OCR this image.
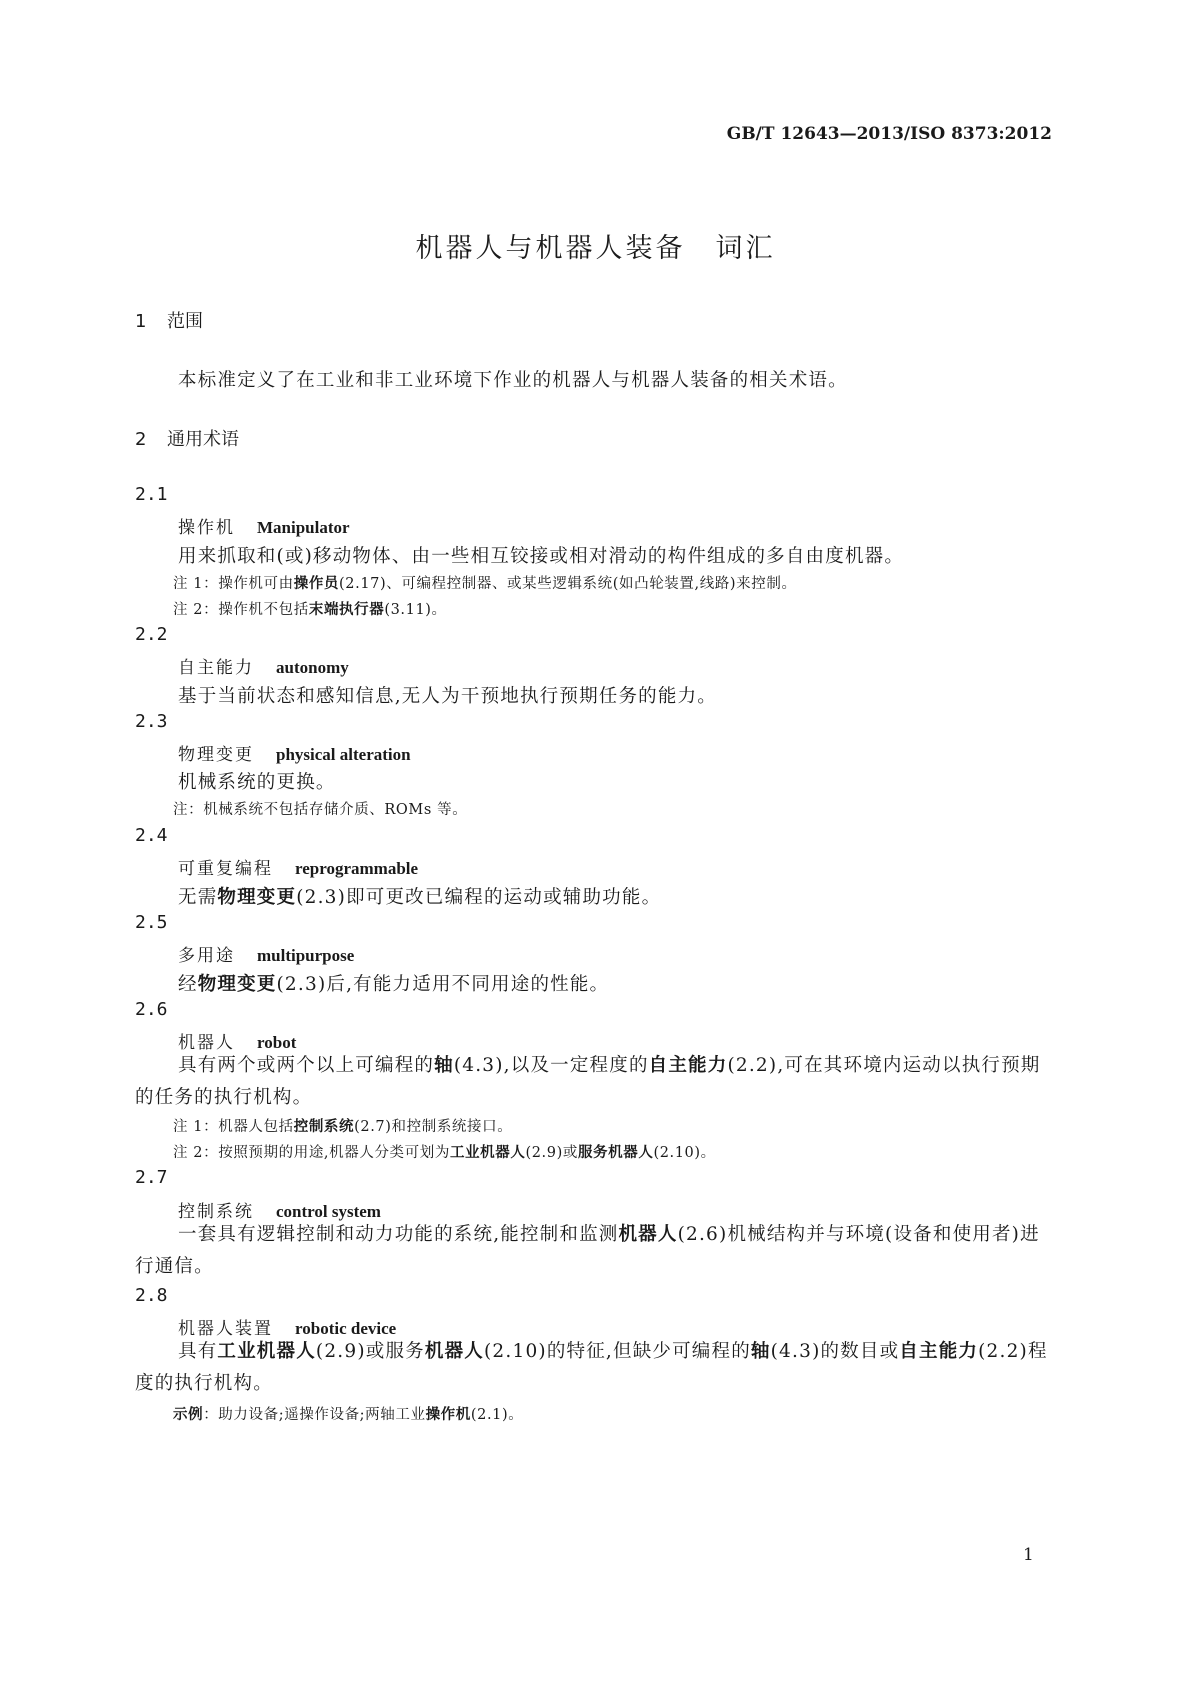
GB/T 12643—2013/ISO 8373:2012
机器人与机器人装备　词汇
1 范围
本标准定义了在工业和非工业环境下作业的机器人与机器人装备的相关术语。
2 通用术语
2.1
操作机 Manipulator
用来抓取和(或)移动物体、由一些相互铰接或相对滑动的构件组成的多自由度机器。
注 1：操作机可由操作员(2.17)、可编程控制器、或某些逻辑系统(如凸轮装置,线路)来控制。
注 2：操作机不包括末端执行器(3.11)。
2.2
自主能力 autonomy
基于当前状态和感知信息,无人为干预地执行预期任务的能力。
2.3
物理变更 physical alteration
机械系统的更换。
注：机械系统不包括存储介质、ROMs 等。
2.4
可重复编程 reprogrammable
无需物理变更(2.3)即可更改已编程的运动或辅助功能。
2.5
多用途 multipurpose
经物理变更(2.3)后,有能力适用不同用途的性能。
2.6
机器人 robot
具有两个或两个以上可编程的轴(4.3),以及一定程度的自主能力(2.2),可在其环境内运动以执行预期的任务的执行机构。
注 1：机器人包括控制系统(2.7)和控制系统接口。
注 2：按照预期的用途,机器人分类可划为工业机器人(2.9)或服务机器人(2.10)。
2.7
控制系统 control system
一套具有逻辑控制和动力功能的系统,能控制和监测机器人(2.6)机械结构并与环境(设备和使用者)进行通信。
2.8
机器人装置 robotic device
具有工业机器人(2.9)或服务机器人(2.10)的特征,但缺少可编程的轴(4.3)的数目或自主能力(2.2)程度的执行机构。
示例：助力设备;遥操作设备;两轴工业操作机(2.1)。
1
